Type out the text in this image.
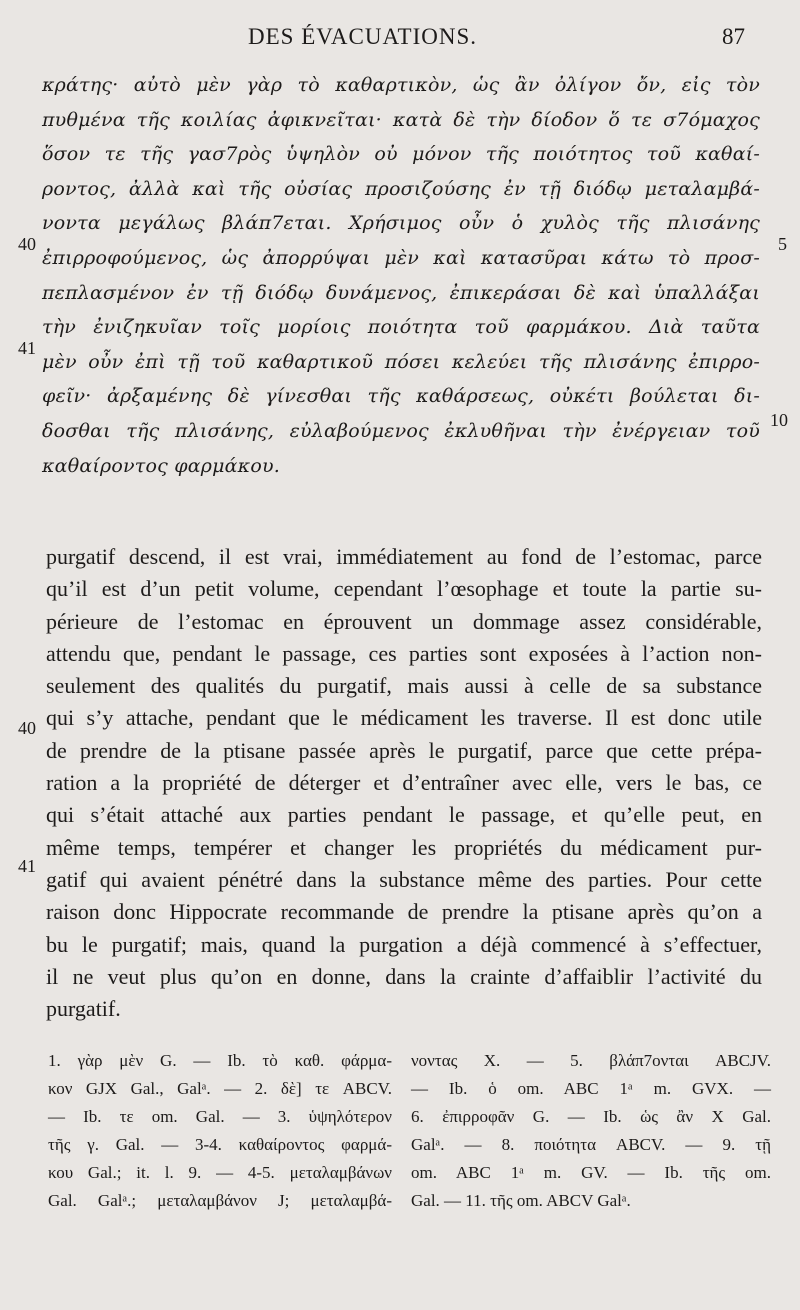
DES ÉVACUATIONS.	87
κράτης· αὐτὸ μὲν γὰρ τὸ καθαρτικὸν, ὡς ἂν ὀλίγον ὄν, εἰς τὸν
πυθμένα τῆς κοιλίας ἀφικνεῖται· κατὰ δὲ τὴν δίοδον ὅ τε σ7όμαχος
ὅσον τε τῆς γασ7ρὸς ὑψηλὸν οὐ μόνον τῆς ποιότητος τοῦ καθαί-
ροντος, ἀλλὰ καὶ τῆς οὐσίας προσιζούσης ἐν τῇ διόδῳ μεταλαμβά-
νοντα μεγάλως βλάπ7εται. Χρήσιμος οὖν ὁ χυλὸς τῆς πλισάνης
ἐπιρροφούμενος, ὡς ἀπορρύψαι μὲν καὶ κατασῦραι κάτω τὸ προσ-
πεπλασμένον ἐν τῇ διόδῳ δυνάμενος, ἐπικεράσαι δὲ καὶ ὑπαλλάξαι
τὴν ἐνιζηκυῖαν τοῖς μορίοις ποιότητα τοῦ φαρμάκου. Διὰ ταῦτα
μὲν οὖν ἐπὶ τῇ τοῦ καθαρτικοῦ πόσει κελεύει τῆς πλισάνης ἐπιρρο-
φεῖν· ἀρξαμένης δὲ γίνεσθαι τῆς καθάρσεως, οὐκέτι βούλεται δι-
δοσθαι τῆς πλισάνης, εὐλαβούμενος ἐκλυθῆναι τὴν ἐνέργειαν τοῦ
καθαίροντος φαρμάκου.
40
41
5
10
purgatif descend, il est vrai, immédiatement au fond de l’estomac, parce
qu’il est d’un petit volume, cependant l’œsophage et toute la partie su-
périeure de l’estomac en éprouvent un dommage assez considérable,
attendu que, pendant le passage, ces parties sont exposées à l’action non-
seulement des qualités du purgatif, mais aussi à celle de sa substance
qui s’y attache, pendant que le médicament les traverse. Il est donc utile
de prendre de la ptisane passée après le purgatif, parce que cette prépa-
ration a la propriété de déterger et d’entraîner avec elle, vers le bas, ce
qui s’était attaché aux parties pendant le passage, et qu’elle peut, en
même temps, tempérer et changer les propriétés du médicament pur-
gatif qui avaient pénétré dans la substance même des parties. Pour cette
raison donc Hippocrate recommande de prendre la ptisane après qu’on a
bu le purgatif; mais, quand la purgation a déjà commencé à s’effectuer,
il ne veut plus qu’on en donne, dans la crainte d’affaiblir l’activité du
purgatif.
40
41
1. γὰρ μὲν G. — Ib. τὸ καθ. φάρμα-
κον GJX Gal., Galᵃ. — 2. δὲ] τε ABCV.
— Ib. τε om. Gal. — 3. ὑψηλότερον
τῆς γ. Gal. — 3-4. καθαίροντος φαρμά-
κου Gal.; it. l. 9. — 4-5. μεταλαμβάνων
Gal. Galᵃ.; μεταλαμβάνον J; μεταλαμβά-
νοντας X. — 5. βλάπ7ονται ABCJV.
— Ib. ὁ om. ABC 1ᵃ m. GVX. —
6. ἐπιρροφᾶν G. — Ib. ὡς ἂν X Gal.
Galᵃ. — 8. ποιότητα ABCV. — 9. τῇ
om. ABC 1ᵃ m. GV. — Ib. τῆς om.
Gal. — 11. τῆς om. ABCV Galᵃ.
